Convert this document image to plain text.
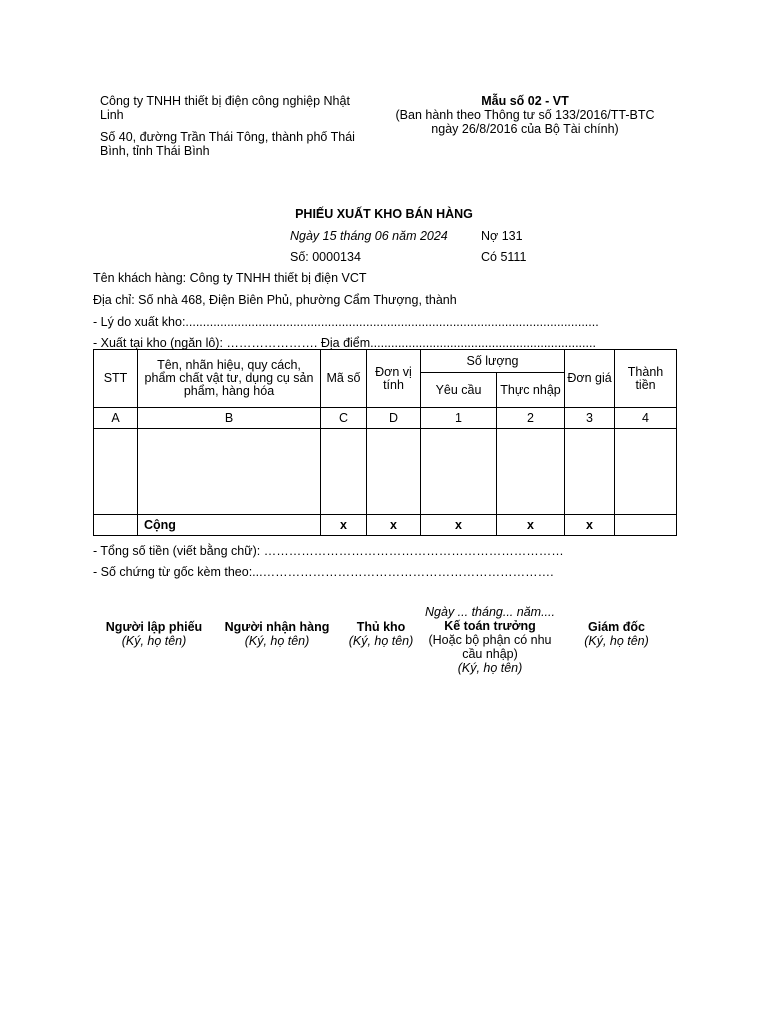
Công ty TNHH thiết bị điện công nghiệp Nhật Linh
Số 40, đường Trần Thái Tông, thành phố Thái Bình, tỉnh Thái Bình
Mẫu số 02 - VT
(Ban hành theo Thông tư số 133/2016/TT-BTC
ngày 26/8/2016 của Bộ Tài chính)
PHIẾU XUẤT KHO BÁN HÀNG
Ngày 15 tháng 06 năm 2024
Số: 0000134
Nợ 131
Có 5111
Tên khách hàng: Công ty TNHH thiết bị điện VCT
Địa chỉ: Số nhà 468, Điện Biên Phủ, phường Cẩm Thượng, thành
- Lý do xuất kho:.......................................................................................................................
- Xuất tại kho (ngăn lô): …………………. Địa điểm.................................................................
STT	Tên, nhãn hiệu, quy cách, phẩm chất vật tư, dụng cụ sản phẩm, hàng hóa	Mã số	Đơn vị tính	Số lượng		Đơn giá	Thành tiền
				Yêu cầu	Thực nhập		
A	B	C	D	1	2	3	4

	Cộng	x	x	x	x	x	
- Tổng số tiền (viết bằng chữ): ………………………………………………………………
- Số chứng từ gốc kèm theo:...…………………………………………………………….
Người lập phiếu
(Ký, họ tên)
Người nhận hàng
(Ký, họ tên)
Thủ kho
(Ký, họ tên)
Ngày ... tháng... năm....
Kế toán trưởng
(Hoặc bộ phận có nhu cầu nhập)
(Ký, họ tên)
Giám đốc
(Ký, họ tên)
